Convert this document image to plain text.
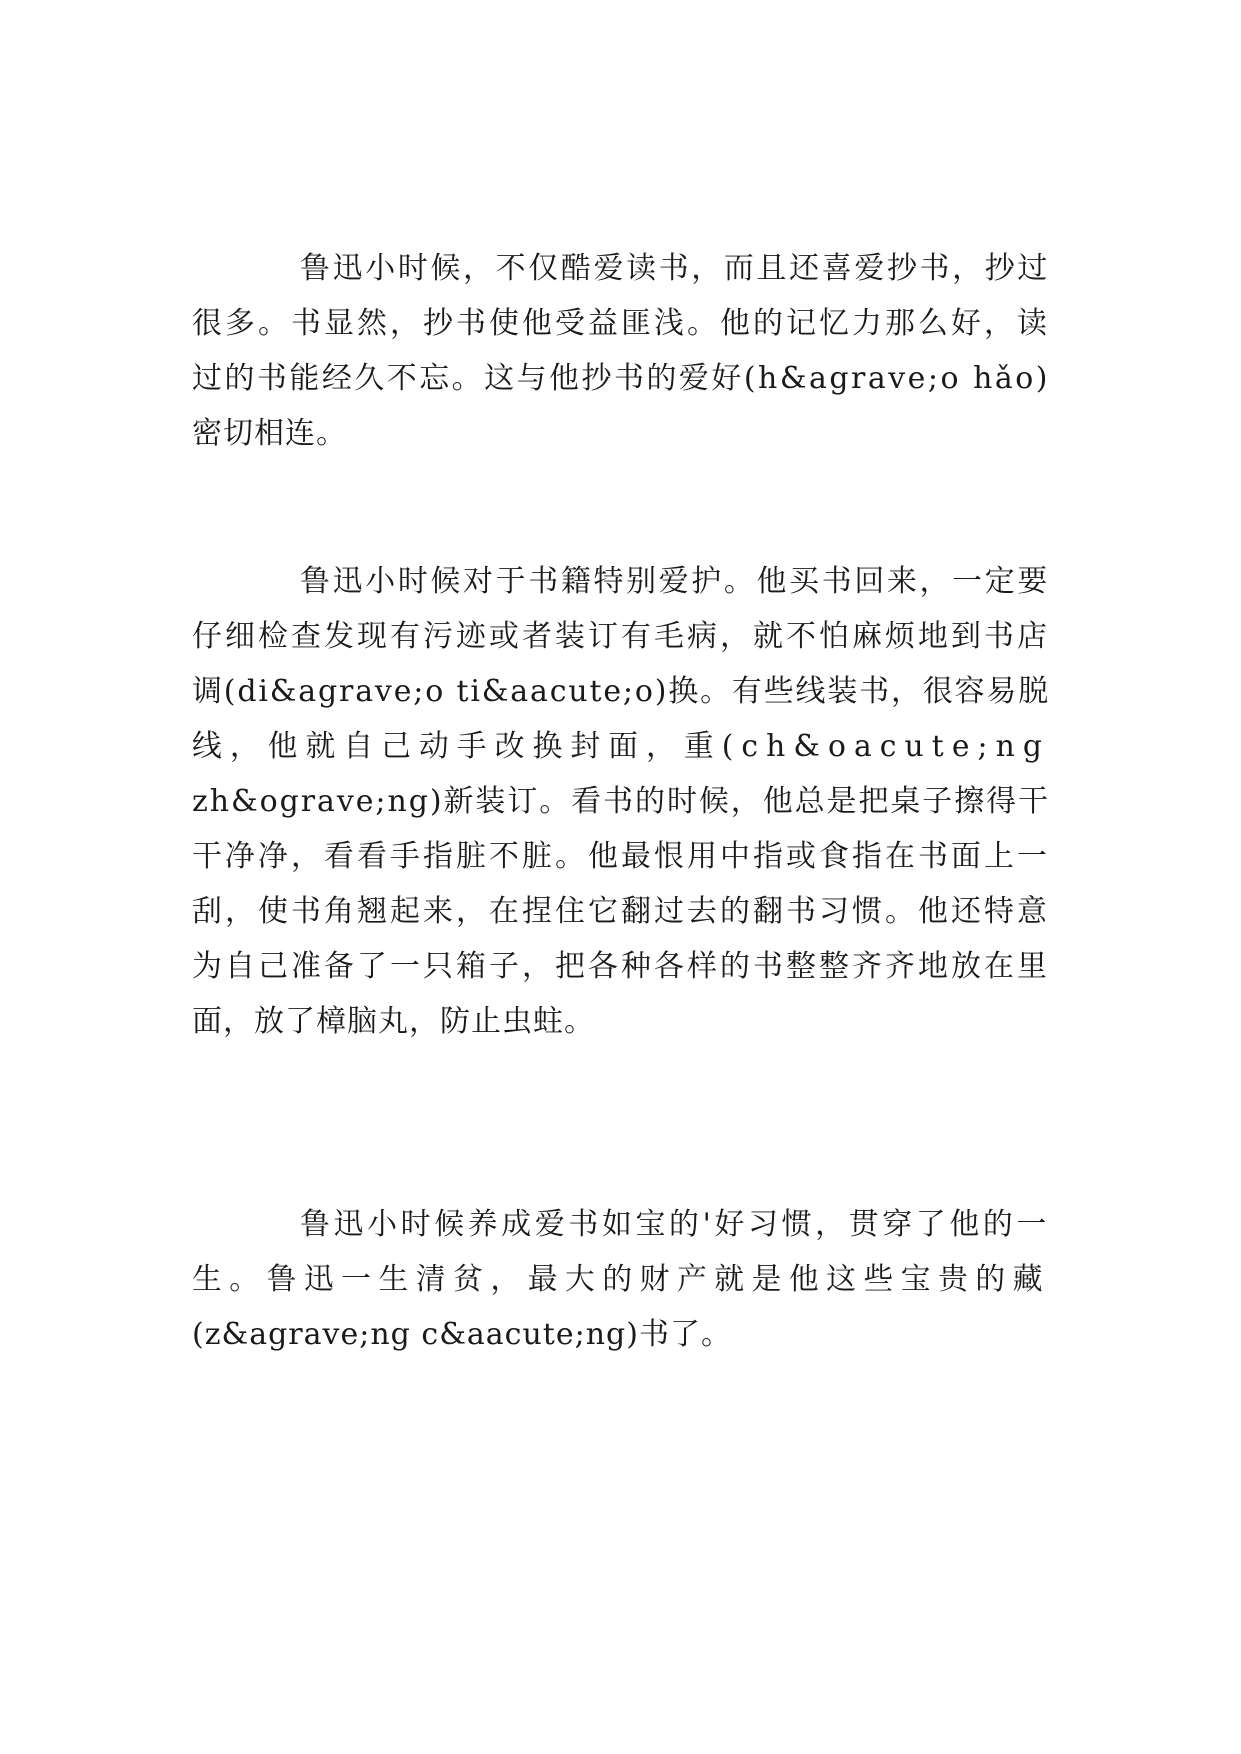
鲁迅小时候，不仅酷爱读书，而且还喜爱抄书，抄过
很多。书显然，抄书使他受益匪浅。他的记忆力那么好，读
过的书能经久不忘。这与他抄书的爱好(h&agrave;o hǎo)
密切相连。
鲁迅小时候对于书籍特别爱护。他买书回来，一定要
仔细检查发现有污迹或者装订有毛病，就不怕麻烦地到书店
调(di&agrave;o ti&aacute;o)换。有些线装书，很容易脱
线，他就自己动手改换封面，重(ch&oacute;ng
zh&ograve;ng)新装订。看书的时候，他总是把桌子擦得干
干净净，看看手指脏不脏。他最恨用中指或食指在书面上一
刮，使书角翘起来，在捏住它翻过去的翻书习惯。他还特意
为自己准备了一只箱子，把各种各样的书整整齐齐地放在里
面，放了樟脑丸，防止虫蛀。
鲁迅小时候养成爱书如宝的'好习惯，贯穿了他的一
生。鲁迅一生清贫，最大的财产就是他这些宝贵的藏
(z&agrave;ng c&aacute;ng)书了。
